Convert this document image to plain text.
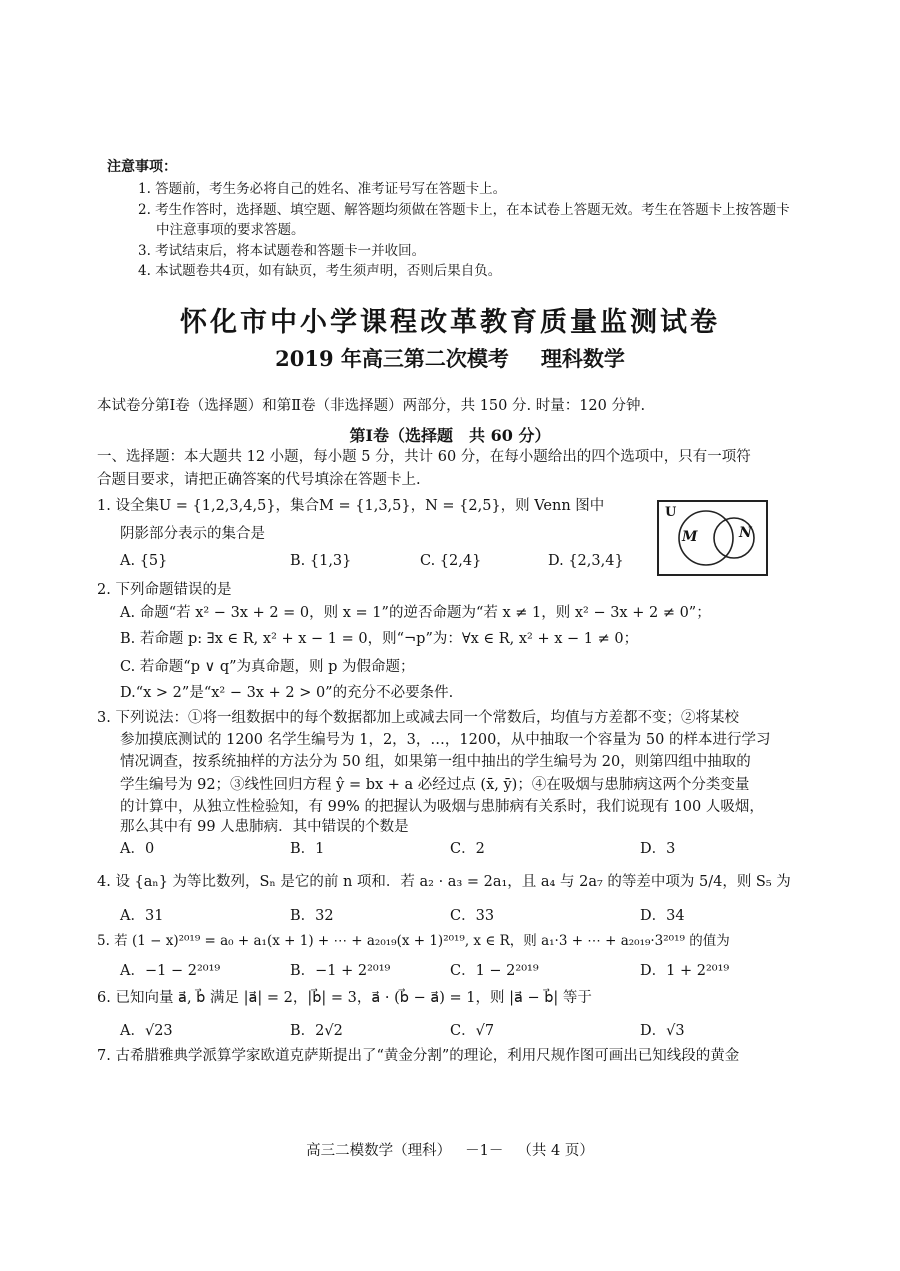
注意事项：
1. 答题前，考生务必将自己的姓名、准考证号写在答题卡上。
2. 考生作答时，选择题、填空题、解答题均须做在答题卡上，在本试卷上答题无效。考生在答题卡上按答题卡
中注意事项的要求答题。
3. 考试结束后，将本试题卷和答题卡一并收回。
4. 本试题卷共4页，如有缺页，考生须声明，否则后果自负。
怀化市中小学课程改革教育质量监测试卷
2019 年高三第二次模考 理科数学
本试卷分第Ⅰ卷（选择题）和第Ⅱ卷（非选择题）两部分，共 150 分. 时量：120 分钟.
第Ⅰ卷（选择题　共 60 分）
一、选择题：本大题共 12 小题，每小题 5 分，共计 60 分，在每小题给出的四个选项中，只有一项符
合题目要求，请把正确答案的代号填涂在答题卡上.
1. 设全集U = {1,2,3,4,5}，集合M = {1,3,5}，N = {2,5}，则 Venn 图中
阴影部分表示的集合是
A. {5}	B. {1,3}	C. {2,4}	D. {2,3,4}
U
M	N
2. 下列命题错误的是
A. 命题“若 x² − 3x + 2 = 0，则 x = 1”的逆否命题为“若 x ≠ 1，则 x² − 3x + 2 ≠ 0”；
B. 若命题 p: ∃x ∈ R, x² + x − 1 = 0，则“¬p”为：∀x ∈ R, x² + x − 1 ≠ 0；
C. 若命题“p ∨ q”为真命题，则 p 为假命题；
D.“x > 2”是“x² − 3x + 2 > 0”的充分不必要条件.
3. 下列说法：①将一组数据中的每个数据都加上或减去同一个常数后，均值与方差都不变；②将某校
参加摸底测试的 1200 名学生编号为 1，2，3，…，1200，从中抽取一个容量为 50 的样本进行学习
情况调查，按系统抽样的方法分为 50 组，如果第一组中抽出的学生编号为 20，则第四组中抽取的
学生编号为 92；③线性回归方程 ŷ = bx + a 必经过点 (x̄, ȳ)；④在吸烟与患肺病这两个分类变量
的计算中，从独立性检验知，有 99% 的把握认为吸烟与患肺病有关系时，我们说现有 100 人吸烟，
那么其中有 99 人患肺病．其中错误的个数是
A．0	B．1	C．2	D．3
4. 设 {aₙ} 为等比数列，Sₙ 是它的前 n 项和．若 a₂ · a₃ = 2a₁，且 a₄ 与 2a₇ 的等差中项为 5/4，则 S₅ 为
A．31	B．32	C．33	D．34
5. 若 (1 − x)²⁰¹⁹ = a₀ + a₁(x + 1) + ⋯ + a₂₀₁₉(x + 1)²⁰¹⁹, x ∈ R，则 a₁·3 + ⋯ + a₂₀₁₉·3²⁰¹⁹ 的值为
A．−1 − 2²⁰¹⁹	B．−1 + 2²⁰¹⁹	C．1 − 2²⁰¹⁹	D．1 + 2²⁰¹⁹
6. 已知向量 a⃗, b⃗ 满足 |a⃗| = 2，|b⃗| = 3，a⃗ · (b⃗ − a⃗) = 1，则 |a⃗ − b⃗| 等于
A．√23	B．2√2	C．√7	D．√3
7. 古希腊雅典学派算学家欧道克萨斯提出了“黄金分割”的理论，利用尺规作图可画出已知线段的黄金
高三二模数学（理科） －1－ （共 4 页）
